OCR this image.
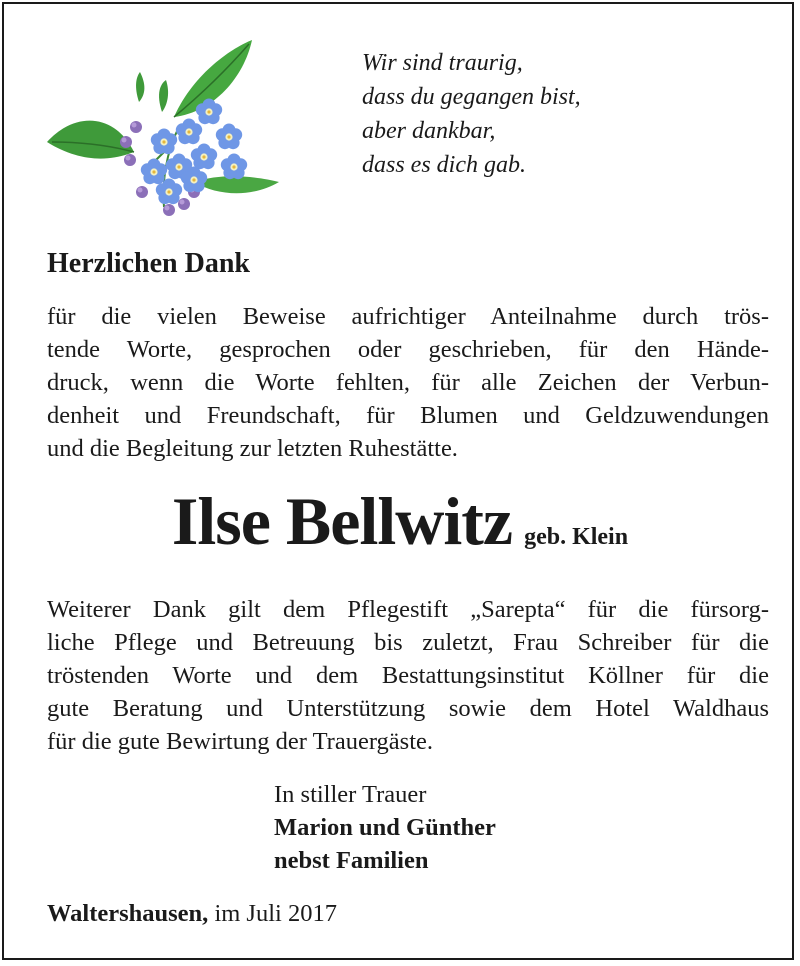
Wir sind traurig,
dass du gegangen bist,
aber dankbar,
dass es dich gab.
Herzlichen Dank
für die vielen Beweise aufrichtiger Anteilnahme durch trös-
tende Worte, gesprochen oder geschrieben, für den Hände-
druck, wenn die Worte fehlten, für alle Zeichen der Verbun-
denheit und Freundschaft, für Blumen und Geldzuwendungen
und die Begleitung zur letzten Ruhestätte.
Ilse Bellwitz geb. Klein
Weiterer Dank gilt dem Pflegestift „Sarepta“ für die fürsorg-
liche Pflege und Betreuung bis zuletzt, Frau Schreiber für die
tröstenden Worte und dem Bestattungsinstitut Köllner für die
gute Beratung und Unterstützung sowie dem Hotel Waldhaus
für die gute Bewirtung der Trauergäste.
In stiller Trauer
Marion und Günther
nebst Familien
Waltershausen, im Juli 2017
